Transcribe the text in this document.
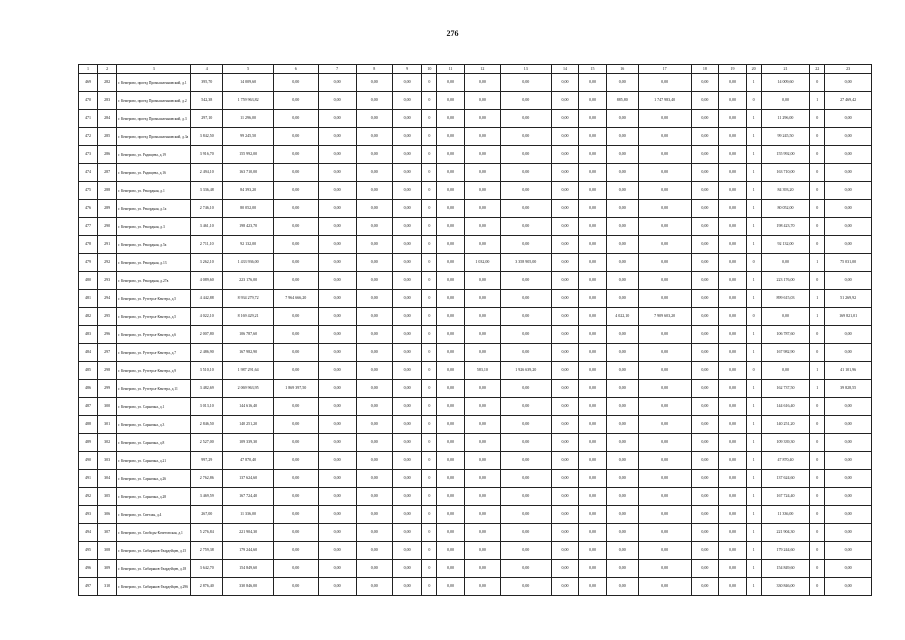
276
1	2	3	4	5	6	7	8	9	10	11	12	13	14	15	16	17	18	19	20	21	22	23
469	282	г. Кемерово, проезд Промышленновский, д.1	395,70	14 009,60	0,00	0,00	0,00	0,00	0	0,00	0,00	0,00	0,00	0,00	0,00	0,00	0,00	0,00	1	14 009,60	0	0,00
470	283	г. Кемерово, проезд Промышленновский, д.2	542,38	1 759 963,82	0,00	0,00	0,00	0,00	0	0,00	0,00	0,00	0,00	0,00	885,80	1 747 983,40	0,00	0,00	0	0,00	1	27 469,42
471	284	г. Кемерово, проезд Промышленновский, д.3	297,10	11 296,00	0,00	0,00	0,00	0,00	0	0,00	0,00	0,00	0,00	0,00	0,00	0,00	0,00	0,00	1	11 296,00	0	0,00
472	285	г. Кемерово, проезд Промышленновский, д.3а	3 842,50	99 245,50	0,00	0,00	0,00	0,00	0	0,00	0,00	0,00	0,00	0,00	0,00	0,00	0,00	0,00	1	99 245,50	0	0,00
473	286	г. Кемерово, ул. Радищева, д.19	3 916,70	155 992,00	0,00	0,00	0,00	0,00	0	0,00	0,00	0,00	0,00	0,00	0,00	0,00	0,00	0,00	1	155 992,00	0	0,00
474	287	г. Кемерово, ул. Радищева, д.16	2 494,10	163 710,00	0,00	0,00	0,00	0,00	0	0,00	0,00	0,00	0,00	0,00	0,00	0,00	0,00	0,00	1	163 710,00	0	0,00
475	288	г. Кемерово, ул. Рекордная, д.1	3 336,48	84 393,20	0,00	0,00	0,00	0,00	0	0,00	0,00	0,00	0,00	0,00	0,00	0,00	0,00	0,00	1	84 393,20	0	0,00
476	289	г. Кемерово, ул. Рекордная, д.1а	2 746,10	80 052,00	0,00	0,00	0,00	0,00	0	0,00	0,00	0,00	0,00	0,00	0,00	0,00	0,00	0,00	1	80 052,00	0	0,00
477	290	г. Кемерово, ул. Рекордная, д.3	3 461,10	198 423,70	0,00	0,00	0,00	0,00	0	0,00	0,00	0,00	0,00	0,00	0,00	0,00	0,00	0,00	1	198 423,70	0	0,00
478	291	г. Кемерово, ул. Рекордная, д.5а	2 711,10	92 132,00	0,00	0,00	0,00	0,00	0	0,00	0,00	0,00	0,00	0,00	0,00	0,00	0,00	0,00	1	92 132,00	0	0,00
479	292	г. Кемерово, ул. Рекордная, д.13	3 262,10	1 433 936,00	0,00	0,00	0,00	0,00	0	0,00	1 032,00	3 358 905,00	0,00	0,00	0,00	0,00	0,00	0,00	0	0,00	1	75 031,00
480	293	г. Кемерово, ул. Рекордная, д.27в	4 089,60	223 176,00	0,00	0,00	0,00	0,00	0	0,00	0,00	0,00	0,00	0,00	0,00	0,00	0,00	0,00	1	223 176,00	0	0,00
481	294	г. Кемерово, ул. Рутгерса-Кентера, д.5	4 442,88	8 934 279,72	7 964 666,20	0,00	0,00	0,00	0	0,00	0,00	0,00	0,00	0,00	0,00	0,00	0,00	0,00	1	899 615,03	1	51 269,92
482	295	г. Кемерово, ул. Рутгерса-Кентера, д.5	4 022,10	8 169 429,21	0,00	0,00	0,00	0,00	0	0,00	0,00	0,00	0,00	0,00	4 022,10	7 909 603,20	0,00	0,00	0	0,00	1	169 821,01
483	296	г. Кемерово, ул. Рутгерса-Кентера, д.6	2 007,80	106 787,60	0,00	0,00	0,00	0,00	0	0,00	0,00	0,00	0,00	0,00	0,00	0,00	0,00	0,00	1	106 787,60	0	0,00
484	297	г. Кемерово, ул. Рутгерса-Кентера, д.7	2 486,90	167 982,90	0,00	0,00	0,00	0,00	0	0,00	0,00	0,00	0,00	0,00	0,00	0,00	0,00	0,00	1	167 982,90	0	0,00
485	298	г. Кемерово, ул. Рутгерса-Кентера, д.9	3 510,10	1 987 291,64	0,00	0,00	0,00	0,00	0	0,00	583,10	1 926 639,20	0,00	0,00	0,00	0,00	0,00	0,00	0	0,00	1	41 101,96
486	299	г. Кемерово, ул. Рутгерса-Кентера, д.11	3 482,69	2 069 963,95	1 869 397,50	0,00	0,00	0,00	0	0,00	0,00	0,00	0,00	0,00	0,00	0,00	0,00	0,00	1	162 737,50	1	39 828,55
487	300	г. Кемерово, ул. Сарыгина, д.1	3 013,10	144 616,40	0,00	0,00	0,00	0,00	0	0,00	0,00	0,00	0,00	0,00	0,00	0,00	0,00	0,00	1	144 616,40	0	0,00
488	301	г. Кемерово, ул. Сарыгина, д.3	2 846,50	140 251,20	0,00	0,00	0,00	0,00	0	0,00	0,00	0,00	0,00	0,00	0,00	0,00	0,00	0,00	1	140 251,20	0	0,00
489	302	г. Кемерово, ул. Сарыгина, д.8	2 527,00	109 339,30	0,00	0,00	0,00	0,00	0	0,00	0,00	0,00	0,00	0,00	0,00	0,00	0,00	0,00	1	109 339,30	0	0,00
490	303	г. Кемерово, ул. Сарыгина, д.21	997,29	47 870,40	0,00	0,00	0,00	0,00	0	0,00	0,00	0,00	0,00	0,00	0,00	0,00	0,00	0,00	1	47 870,40	0	0,00
491	304	г. Кемерово, ул. Сарыгина, д.26	2 762,86	137 624,60	0,00	0,00	0,00	0,00	0	0,00	0,00	0,00	0,00	0,00	0,00	0,00	0,00	0,00	1	137 624,60	0	0,00
492	305	г. Кемерово, ул. Сарыгина, д.28	3 469,59	167 724,40	0,00	0,00	0,00	0,00	0	0,00	0,00	0,00	0,00	0,00	0,00	0,00	0,00	0,00	1	167 724,40	0	0,00
493	306	г. Кемерово, ул. Светлая, д.4	267,00	11 336,00	0,00	0,00	0,00	0,00	0	0,00	0,00	0,00	0,00	0,00	0,00	0,00	0,00	0,00	1	11 336,00	0	0,00
494	307	г. Кемерово, ул. Свободы-Кочетовская, д.1	5 276,84	221 904,30	0,00	0,00	0,00	0,00	0	0,00	0,00	0,00	0,00	0,00	0,00	0,00	0,00	0,00	1	221 904,30	0	0,00
495	308	г. Кемерово, ул. Сибиряков-Гвардейцев, д.15	2 759,38	179 244,60	0,00	0,00	0,00	0,00	0	0,00	0,00	0,00	0,00	0,00	0,00	0,00	0,00	0,00	1	179 244,60	0	0,00
496	309	г. Кемерово, ул. Сибиряков-Гвардейцев, д.18	3 642,70	154 849,60	0,00	0,00	0,00	0,00	0	0,00	0,00	0,00	0,00	0,00	0,00	0,00	0,00	0,00	1	154 849,60	0	0,00
497	310	г. Кемерово, ул. Сибиряков-Гвардейцев, д.296	2 876,40	330 846,00	0,00	0,00	0,00	0,00	0	0,00	0,00	0,00	0,00	0,00	0,00	0,00	0,00	0,00	1	330 846,00	0	0,00
